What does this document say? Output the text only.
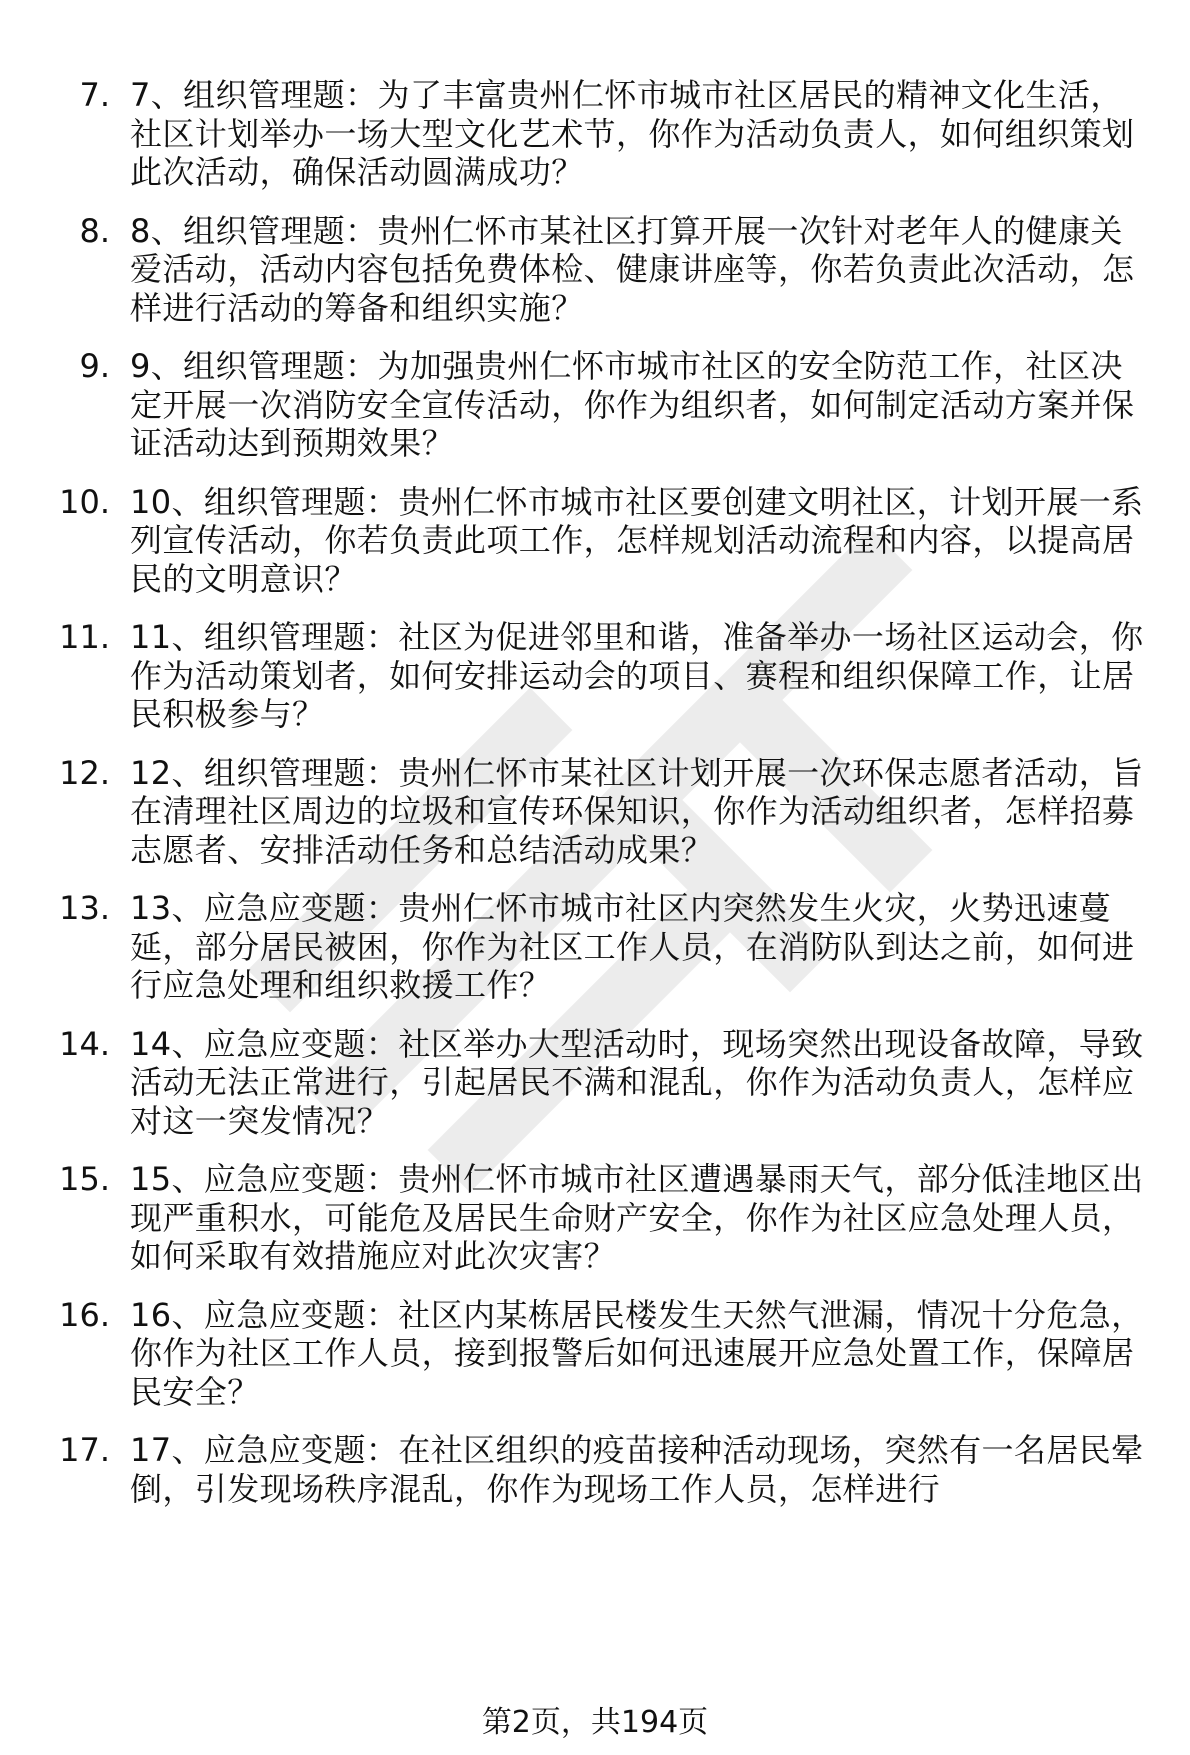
7. 7、组织管理题：为了丰富贵州仁怀市城市社区居民的精神文化生活，社区计划举办一场大型文化艺术节，你作为活动负责人，如何组织策划此次活动，确保活动圆满成功？
8. 8、组织管理题：贵州仁怀市某社区打算开展一次针对老年人的健康关爱活动，活动内容包括免费体检、健康讲座等，你若负责此次活动，怎样进行活动的筹备和组织实施？
9. 9、组织管理题：为加强贵州仁怀市城市社区的安全防范工作，社区决定开展一次消防安全宣传活动，你作为组织者，如何制定活动方案并保证活动达到预期效果？
10. 10、组织管理题：贵州仁怀市城市社区要创建文明社区，计划开展一系列宣传活动，你若负责此项工作，怎样规划活动流程和内容，以提高居民的文明意识？
11. 11、组织管理题：社区为促进邻里和谐，准备举办一场社区运动会，你作为活动策划者，如何安排运动会的项目、赛程和组织保障工作，让居民积极参与？
12. 12、组织管理题：贵州仁怀市某社区计划开展一次环保志愿者活动，旨在清理社区周边的垃圾和宣传环保知识，你作为活动组织者，怎样招募志愿者、安排活动任务和总结活动成果？
13. 13、应急应变题：贵州仁怀市城市社区内突然发生火灾，火势迅速蔓延，部分居民被困，你作为社区工作人员，在消防队到达之前，如何进行应急处理和组织救援工作？
14. 14、应急应变题：社区举办大型活动时，现场突然出现设备故障，导致活动无法正常进行，引起居民不满和混乱，你作为活动负责人，怎样应对这一突发情况？
15. 15、应急应变题：贵州仁怀市城市社区遭遇暴雨天气，部分低洼地区出现严重积水，可能危及居民生命财产安全，你作为社区应急处理人员，如何采取有效措施应对此次灾害？
16. 16、应急应变题：社区内某栋居民楼发生天然气泄漏，情况十分危急，你作为社区工作人员，接到报警后如何迅速展开应急处置工作，保障居民安全？
17. 17、应急应变题：在社区组织的疫苗接种活动现场，突然有一名居民晕倒，引发现场秩序混乱，你作为现场工作人员，怎样进行
第2页，共194页
